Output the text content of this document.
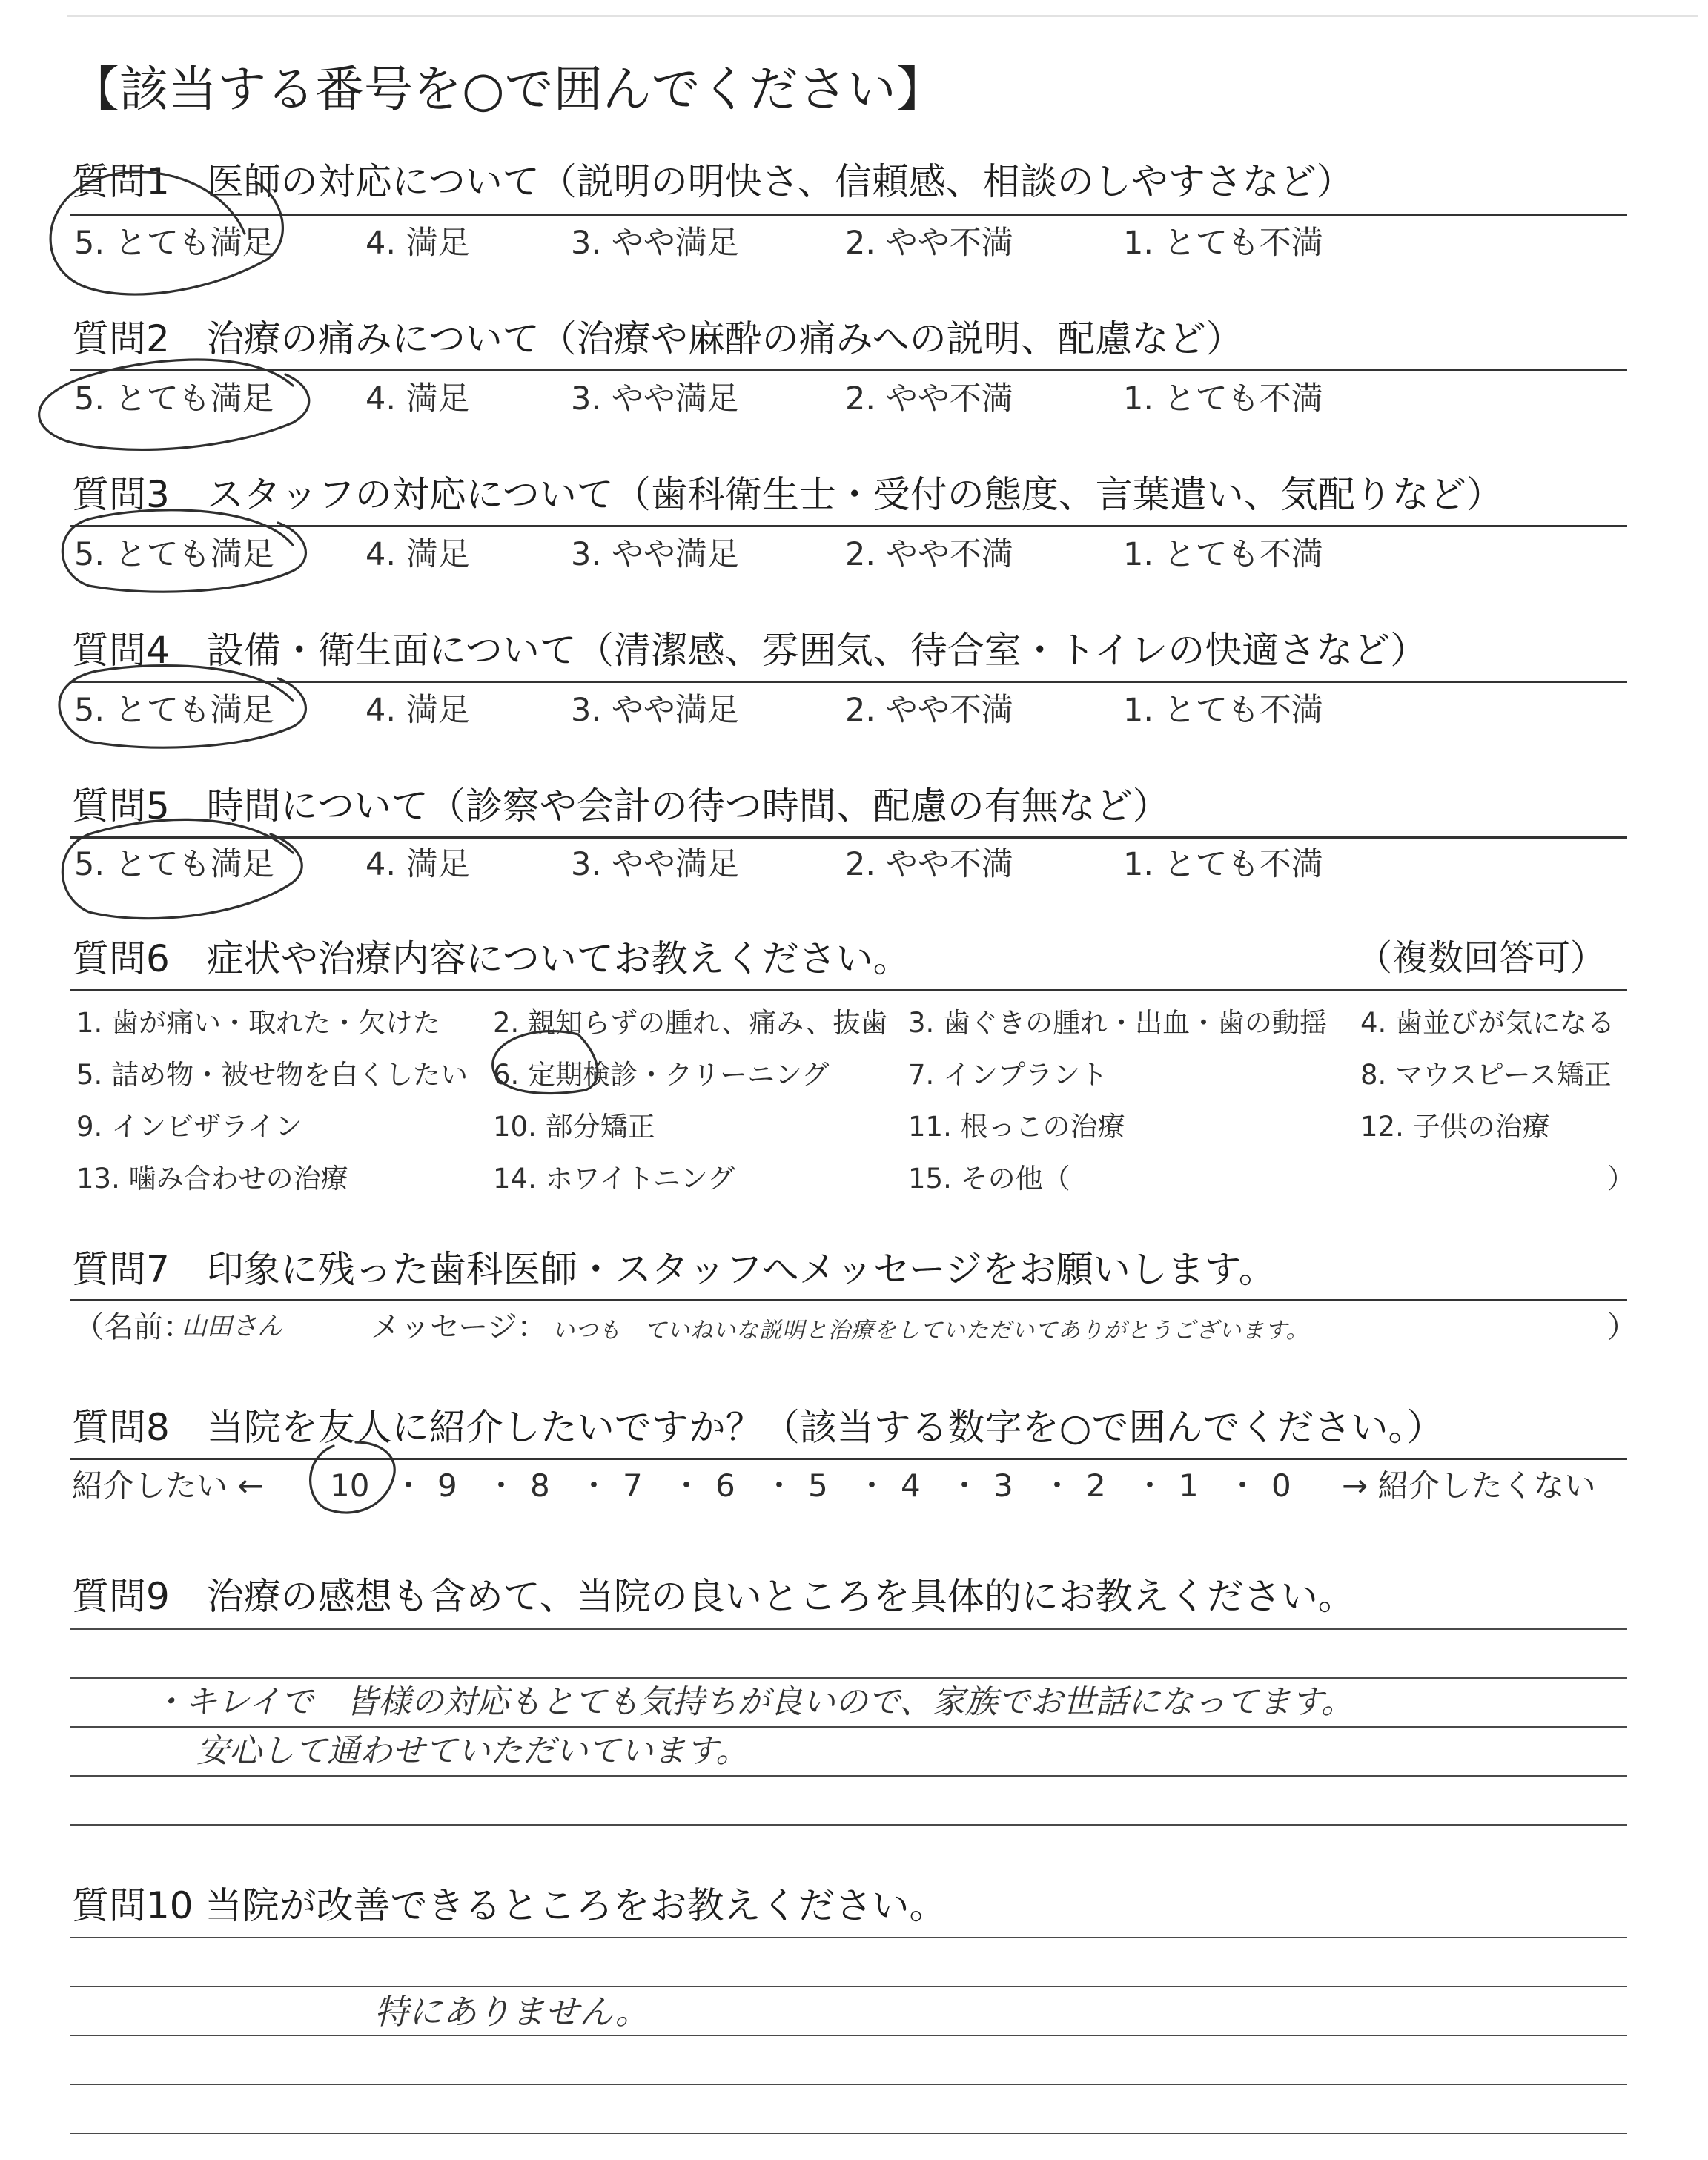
【該当する番号を○で囲んでください】
質問1　医師の対応について（説明の明快さ、信頼感、相談のしやすさなど）
5. とても満足	4. 満足	3. やや満足	2. やや不満	1. とても不満
質問2　治療の痛みについて（治療や麻酔の痛みへの説明、配慮など）
5. とても満足	4. 満足	3. やや満足	2. やや不満	1. とても不満
質問3　スタッフの対応について（歯科衛生士・受付の態度、言葉遣い、気配りなど）
5. とても満足	4. 満足	3. やや満足	2. やや不満	1. とても不満
質問4　設備・衛生面について（清潔感、雰囲気、待合室・トイレの快適さなど）
5. とても満足	4. 満足	3. やや満足	2. やや不満	1. とても不満
質問5　時間について（診察や会計の待つ時間、配慮の有無など）
5. とても満足	4. 満足	3. やや満足	2. やや不満	1. とても不満
質問6　症状や治療内容についてお教えください。	（複数回答可）
1. 歯が痛い・取れた・欠けた 2. 親知らずの腫れ、痛み、抜歯 3. 歯ぐきの腫れ・出血・歯の動揺 4. 歯並びが気になる
5. 詰め物・被せ物を白くしたい 6. 定期検診・クリーニング	7. インプラント	8. マウスピース矯正
9. インビザライン	10. 部分矯正	11. 根っこの治療	12. 子供の治療
13. 噛み合わせの治療	14. ホワイトニング	15. その他（	）
質問7　印象に残った歯科医師・スタッフへメッセージをお願いします。
（名前：
山田さん	メッセージ： いつも　ていねいな説明と治療をしていただいてありがとうございます。	）
質問8　当院を友人に紹介したいですか？（該当する数字を○で囲んでください。）
紹介したい ← 10 ・ 9 ・ 8 ・ 7 ・ 6 ・ 5 ・ 4 ・ 3 ・ 2 ・ 1 ・ 0 → 紹介したくない
質問9　治療の感想も含めて、当院の良いところを具体的にお教えください。
・キレイで　皆様の対応もとても気持ちが良いので、家族でお世話になってます。
安心して通わせていただいています。
質問10 当院が改善できるところをお教えください。
特にありません。
